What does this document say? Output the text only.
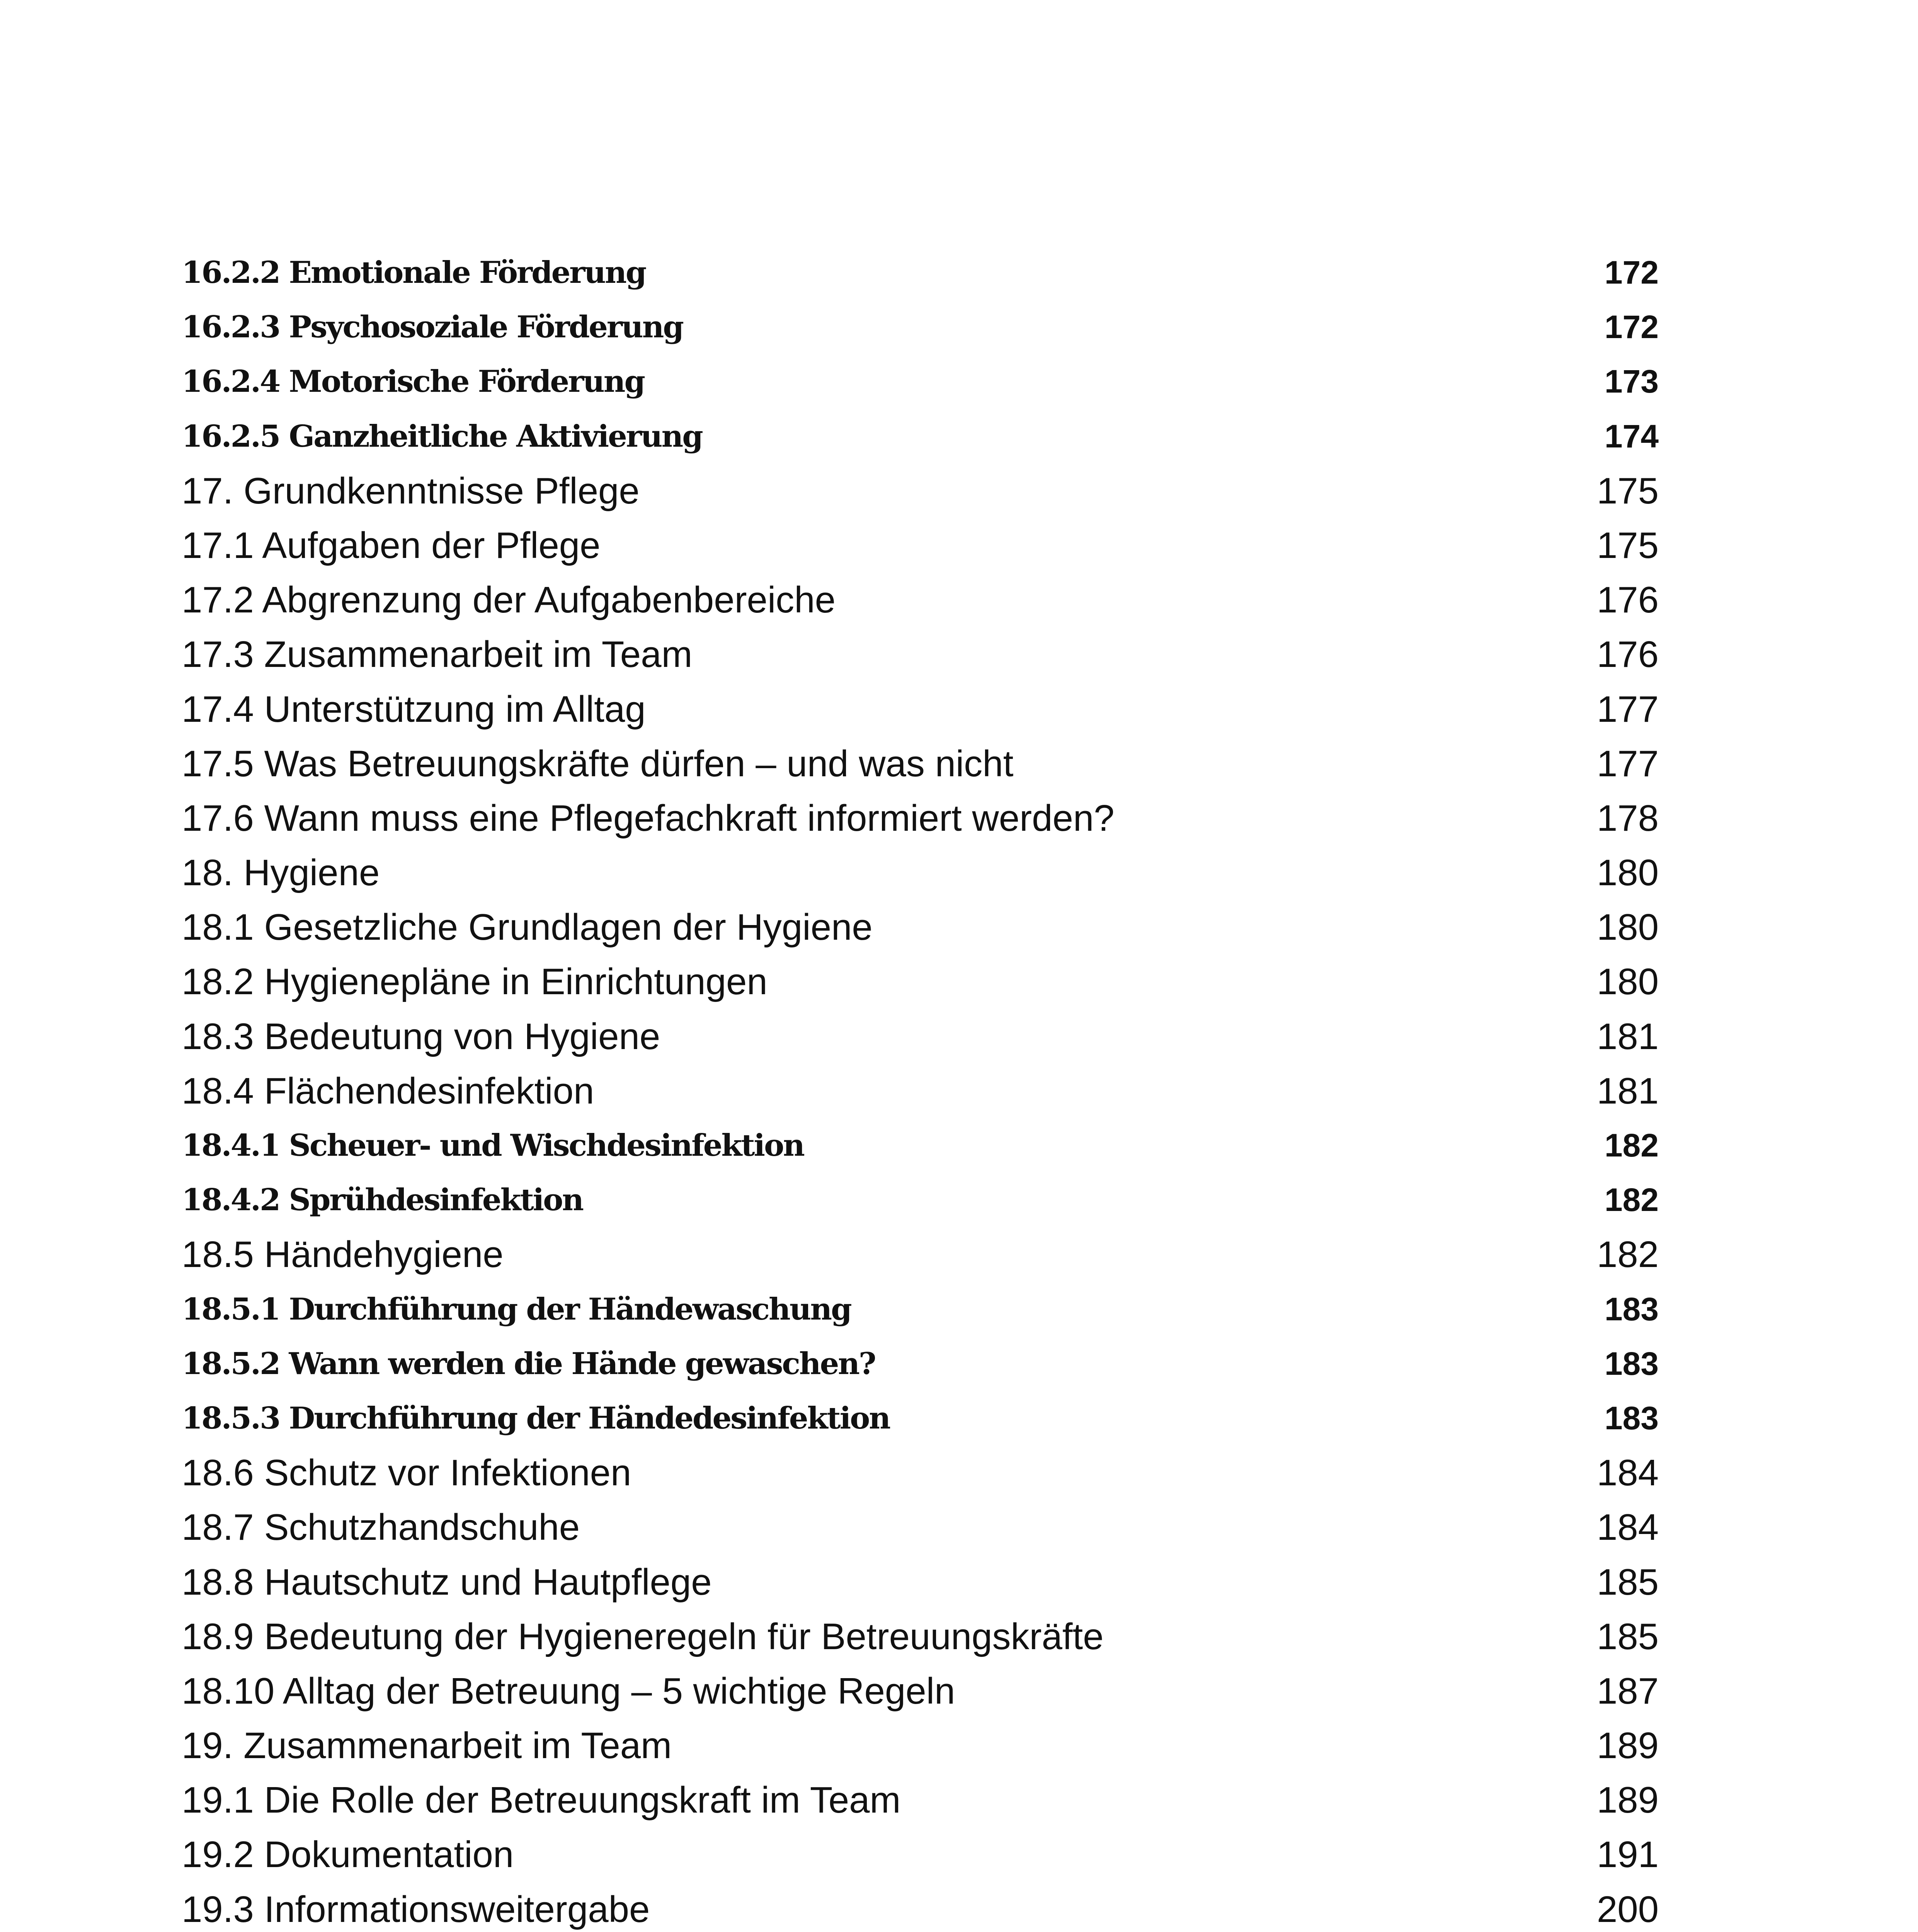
16.2.2 Emotionale Förderung	172
16.2.3 Psychosoziale Förderung	172
16.2.4 Motorische Förderung	173
16.2.5 Ganzheitliche Aktivierung	174
17. Grundkenntnisse Pflege	175
17.1 Aufgaben der Pflege	175
17.2 Abgrenzung der Aufgabenbereiche	176
17.3 Zusammenarbeit im Team	176
17.4 Unterstützung im Alltag	177
17.5 Was Betreuungskräfte dürfen – und was nicht	177
17.6 Wann muss eine Pflegefachkraft informiert werden?	178
18. Hygiene	180
18.1 Gesetzliche Grundlagen der Hygiene	180
18.2 Hygienepläne in Einrichtungen	180
18.3 Bedeutung von Hygiene	181
18.4 Flächendesinfektion	181
18.4.1 Scheuer- und Wischdesinfektion	182
18.4.2 Sprühdesinfektion	182
18.5 Händehygiene	182
18.5.1 Durchführung der Händewaschung	183
18.5.2 Wann werden die Hände gewaschen?	183
18.5.3 Durchführung der Händedesinfektion	183
18.6 Schutz vor Infektionen	184
18.7 Schutzhandschuhe	184
18.8 Hautschutz und Hautpflege	185
18.9 Bedeutung der Hygieneregeln für Betreuungskräfte	185
18.10 Alltag der Betreuung – 5 wichtige Regeln	187
19. Zusammenarbeit im Team	189
19.1 Die Rolle der Betreuungskraft im Team	189
19.2 Dokumentation	191
19.3 Informationsweitergabe	200
